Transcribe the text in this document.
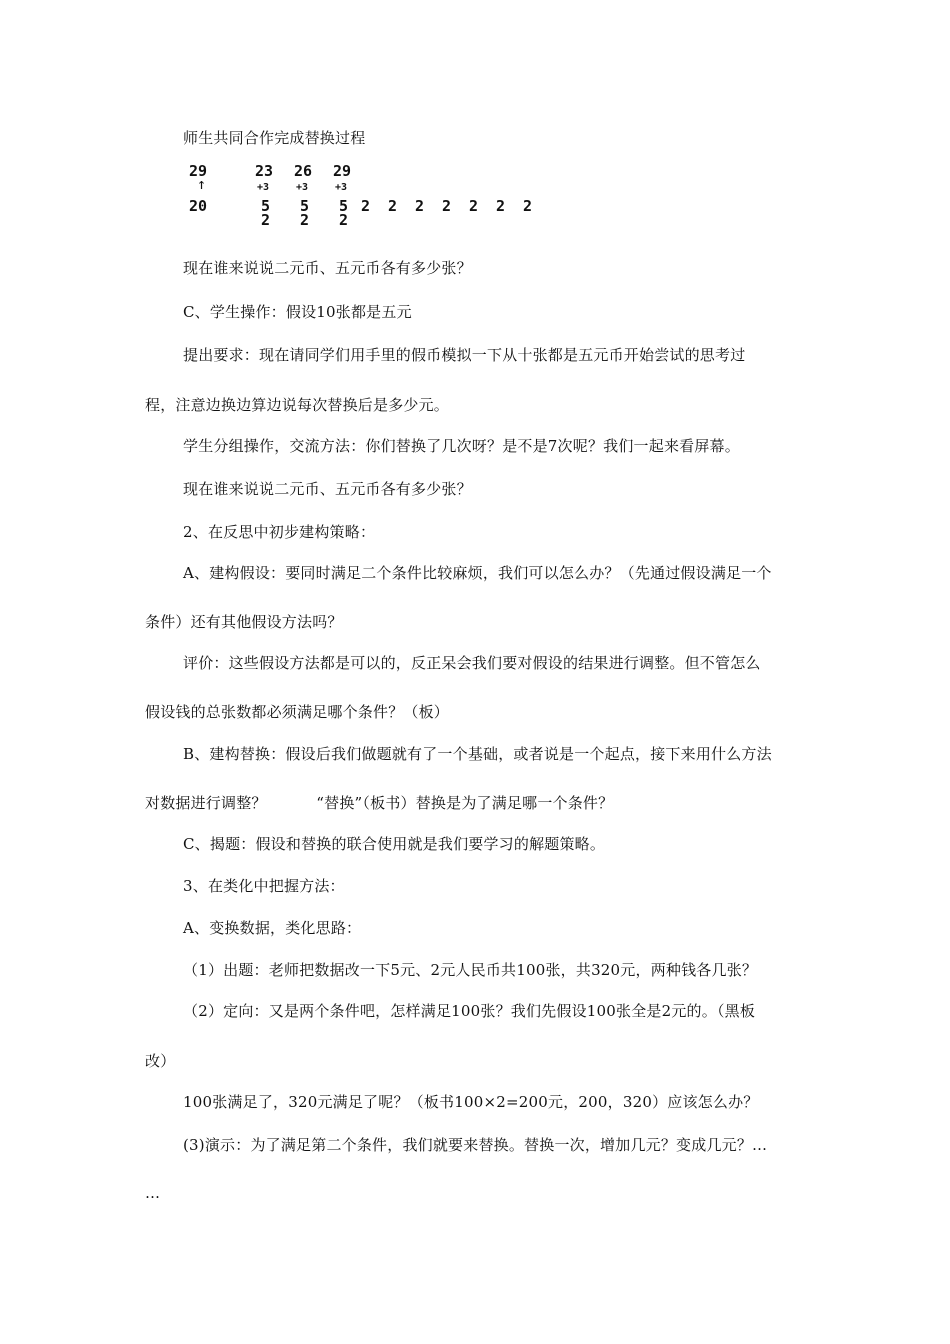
师生共同合作完成替换过程
29
↑
20
23 26 29
+3	+3	+3
5 5 5 2 2 2 2 2 2 2
2 2 2
现在谁来说说二元币、五元币各有多少张？
C、学生操作：假设10张都是五元
提出要求：现在请同学们用手里的假币模拟一下从十张都是五元币开始尝试的思考过
程，注意边换边算边说每次替换后是多少元。
学生分组操作，交流方法：你们替换了几次呀？是不是7次呢？我们一起来看屏幕。
现在谁来说说二元币、五元币各有多少张？
2、在反思中初步建构策略：
A、建构假设：要同时满足二个条件比较麻烦，我们可以怎么办？（先通过假设满足一个
条件）还有其他假设方法吗？
评价：这些假设方法都是可以的，反正呆会我们要对假设的结果进行调整。但不管怎么
假设钱的总张数都必须满足哪个条件？（板）
B、建构替换：假设后我们做题就有了一个基础，或者说是一个起点，接下来用什么方法
对数据进行调整？          “替换”（板书）替换是为了满足哪一个条件？
C、揭题：假设和替换的联合使用就是我们要学习的解题策略。
3、在类化中把握方法：
A、变换数据，类化思路：
（1）出题：老师把数据改一下5元、2元人民币共100张，共320元，两种钱各几张？
（2）定向：又是两个条件吧，怎样满足100张？我们先假设100张全是2元的。（黑板
改）
100张满足了，320元满足了呢？（板书100×2=200元，200，320）应该怎么办？
(3)演示：为了满足第二个条件，我们就要来替换。替换一次，增加几元？变成几元？…
…
